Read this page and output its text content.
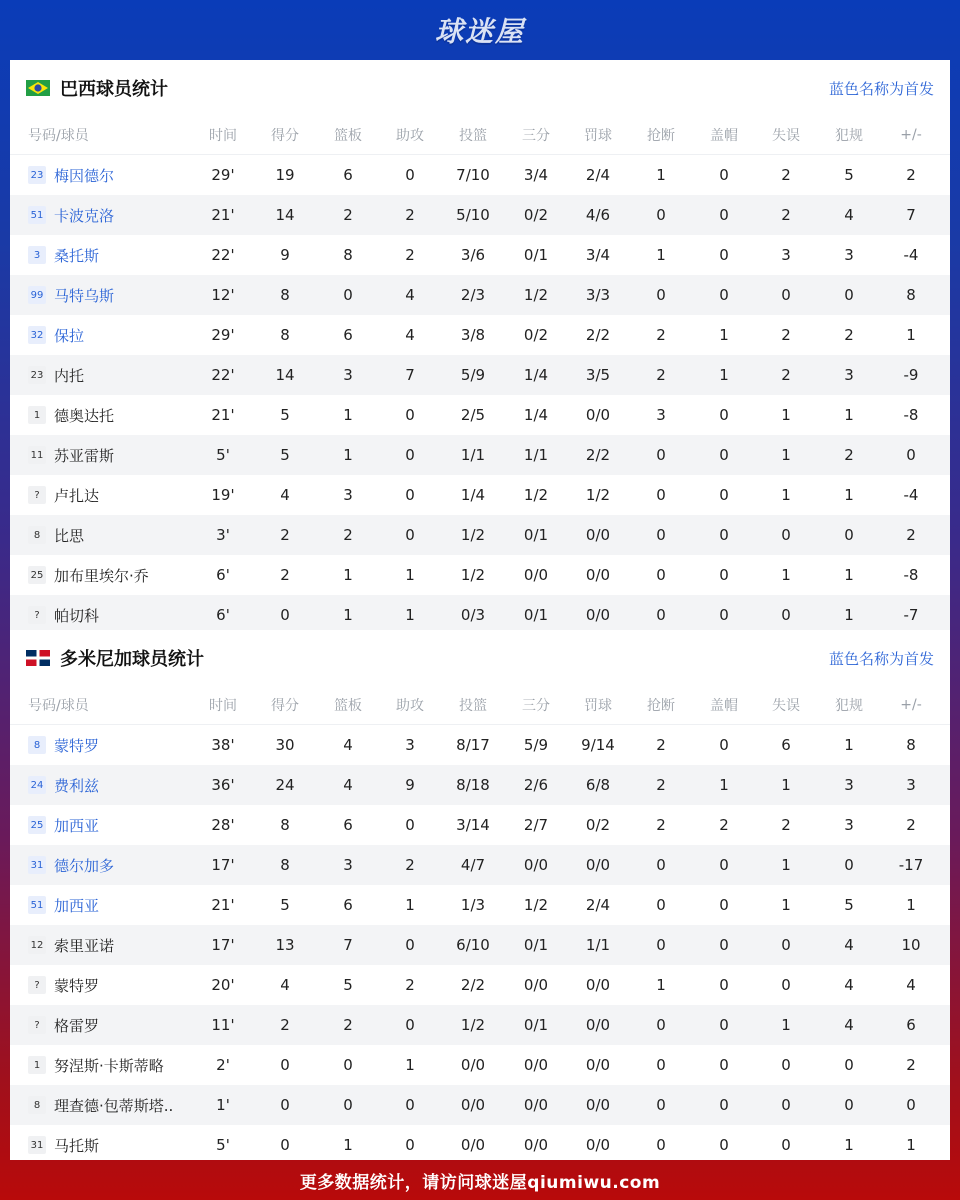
球迷屋
巴西球员统计	蓝色名称为首发
号码/球员	时间	得分	篮板	助攻	投篮	三分	罚球	抢断	盖帽	失误	犯规	+/-
23 梅因德尔	29'	19	6	0	7/10	3/4	2/4	1	0	2	5	2
51 卡波克洛	21'	14	2	2	5/10	0/2	4/6	0	0	2	4	7
3 桑托斯	22'	9	8	2	3/6	0/1	3/4	1	0	3	3	-4
99 马特乌斯	12'	8	0	4	2/3	1/2	3/3	0	0	0	0	8
32 保拉	29'	8	6	4	3/8	0/2	2/2	2	1	2	2	1
23 内托	22'	14	3	7	5/9	1/4	3/5	2	1	2	3	-9
1 德奥达托	21'	5	1	0	2/5	1/4	0/0	3	0	1	1	-8
11 苏亚雷斯	5'	5	1	0	1/1	1/1	2/2	0	0	1	2	0
? 卢扎达	19'	4	3	0	1/4	1/2	1/2	0	0	1	1	-4
8 比思	3'	2	2	0	1/2	0/1	0/0	0	0	0	0	2
25 加布里埃尔·乔	6'	2	1	1	1/2	0/0	0/0	0	0	1	1	-8
? 帕切科	6'	0	1	1	0/3	0/1	0/0	0	0	0	1	-7
多米尼加球员统计	蓝色名称为首发
号码/球员	时间	得分	篮板	助攻	投篮	三分	罚球	抢断	盖帽	失误	犯规	+/-
8 蒙特罗	38'	30	4	3	8/17	5/9	9/14	2	0	6	1	8
24 费利兹	36'	24	4	9	8/18	2/6	6/8	2	1	1	3	3
25 加西亚	28'	8	6	0	3/14	2/7	0/2	2	2	2	3	2
31 德尔加多	17'	8	3	2	4/7	0/0	0/0	0	0	1	0	-17
51 加西亚	21'	5	6	1	1/3	1/2	2/4	0	0	1	5	1
12 索里亚诺	17'	13	7	0	6/10	0/1	1/1	0	0	0	4	10
? 蒙特罗	20'	4	5	2	2/2	0/0	0/0	1	0	0	4	4
? 格雷罗	11'	2	2	0	1/2	0/1	0/0	0	0	1	4	6
1 努涅斯·卡斯蒂略	2'	0	0	1	0/0	0/0	0/0	0	0	0	0	2
8 理查德·包蒂斯塔..	1'	0	0	0	0/0	0/0	0/0	0	0	0	0	0
31 马托斯	5'	0	1	0	0/0	0/0	0/0	0	0	0	1	1
更多数据统计，请访问球迷屋qiumiwu.com
